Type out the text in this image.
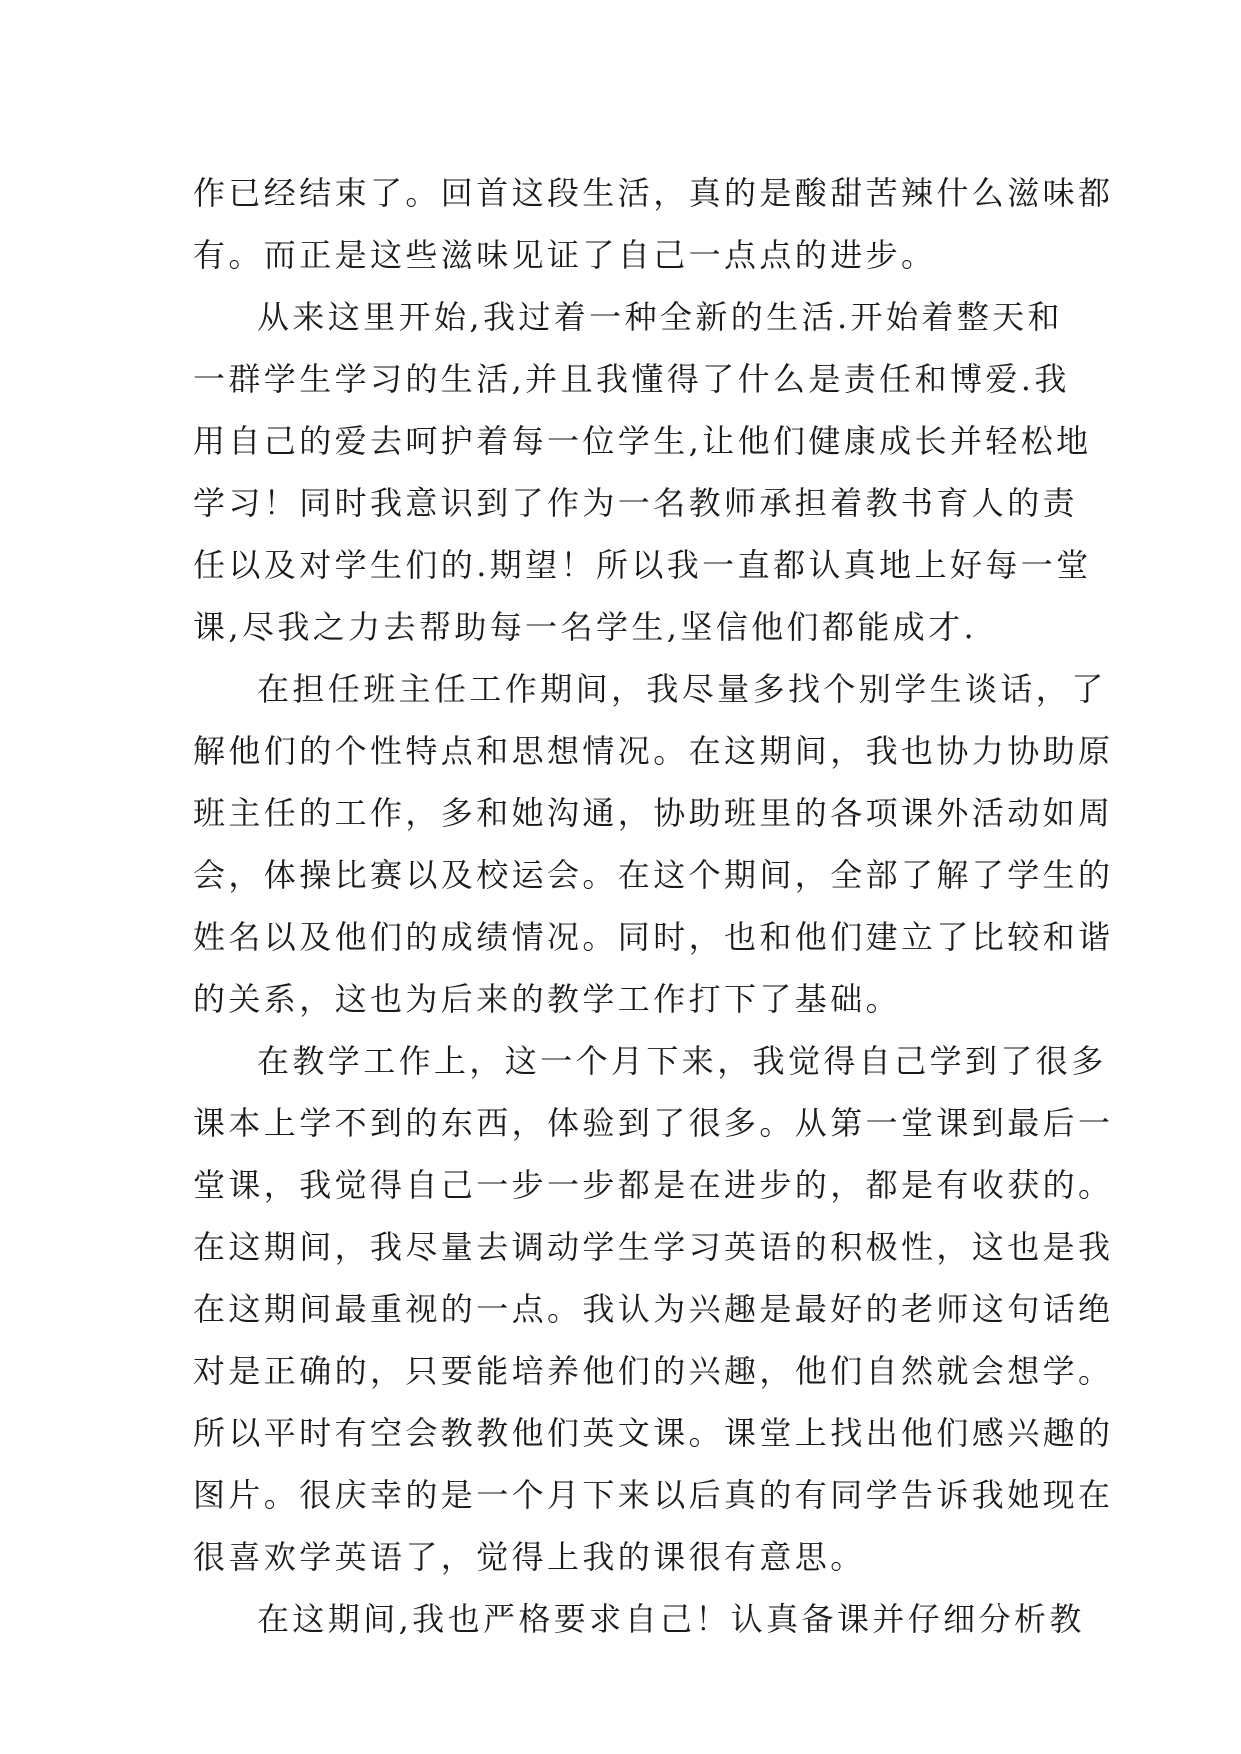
作已经结束了。回首这段生活，真的是酸甜苦辣什么滋味都
有。而正是这些滋味见证了自己一点点的进步。
从来这里开始,我过着一种全新的生活.开始着整天和
一群学生学习的生活,并且我懂得了什么是责任和博爱.我
用自己的爱去呵护着每一位学生,让他们健康成长并轻松地
学习！同时我意识到了作为一名教师承担着教书育人的责
任以及对学生们的.期望！所以我一直都认真地上好每一堂
课,尽我之力去帮助每一名学生,坚信他们都能成才.
在担任班主任工作期间，我尽量多找个别学生谈话，了
解他们的个性特点和思想情况。在这期间，我也协力协助原
班主任的工作，多和她沟通，协助班里的各项课外活动如周
会，体操比赛以及校运会。在这个期间，全部了解了学生的
姓名以及他们的成绩情况。同时，也和他们建立了比较和谐
的关系，这也为后来的教学工作打下了基础。
在教学工作上，这一个月下来，我觉得自己学到了很多
课本上学不到的东西，体验到了很多。从第一堂课到最后一
堂课，我觉得自己一步一步都是在进步的，都是有收获的。
在这期间，我尽量去调动学生学习英语的积极性，这也是我
在这期间最重视的一点。我认为兴趣是最好的老师这句话绝
对是正确的，只要能培养他们的兴趣，他们自然就会想学。
所以平时有空会教教他们英文课。课堂上找出他们感兴趣的
图片。很庆幸的是一个月下来以后真的有同学告诉我她现在
很喜欢学英语了，觉得上我的课很有意思。
在这期间,我也严格要求自己！认真备课并仔细分析教
